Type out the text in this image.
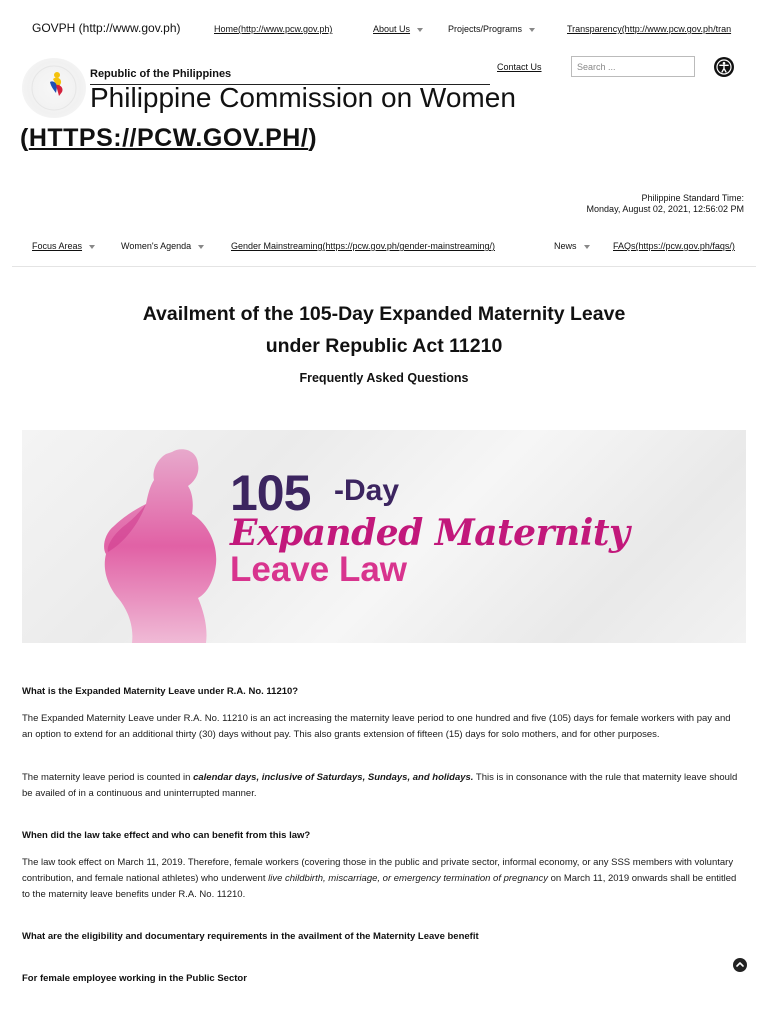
GOVPH (http://www.gov.ph)	Home(http://www.pcw.gov.ph)	About Us	Projects/Programs	Transparency(http://www.pcw.gov.ph/tran
Republic of the Philippines
Philippine Commission on Women
(HTTPS://PCW.GOV.PH/)
Contact Us
Search ...
Philippine Standard Time:
Monday, August 02, 2021, 12:56:02 PM
Focus Areas	Women's Agenda	Gender Mainstreaming(https://pcw.gov.ph/gender-mainstreaming/)	News	FAQs(https://pcw.gov.ph/faqs/)
Availment of the 105-Day Expanded Maternity Leave
under Republic Act 11210
Frequently Asked Questions
105 -Day
Expanded Maternity
Leave Law
What is the Expanded Maternity Leave under R.A. No. 11210?
The Expanded Maternity Leave under R.A. No. 11210 is an act increasing the maternity leave period to one hundred and five (105) days for female workers with pay and an option to extend for an additional thirty (30) days without pay. This also grants extension of fifteen (15) days for solo mothers, and for other purposes.
The maternity leave period is counted in calendar days, inclusive of Saturdays, Sundays, and holidays. This is in consonance with the rule that maternity leave should be availed of in a continuous and uninterrupted manner.
When did the law take effect and who can benefit from this law?
The law took effect on March 11, 2019. Therefore, female workers (covering those in the public and private sector, informal economy, or any SSS members with voluntary contribution, and female national athletes) who underwent live childbirth, miscarriage, or emergency termination of pregnancy on March 11, 2019 onwards shall be entitled to the maternity leave benefits under R.A. No. 11210.
What are the eligibility and documentary requirements in the availment of the Maternity Leave benefit
For female employee working in the Public Sector
